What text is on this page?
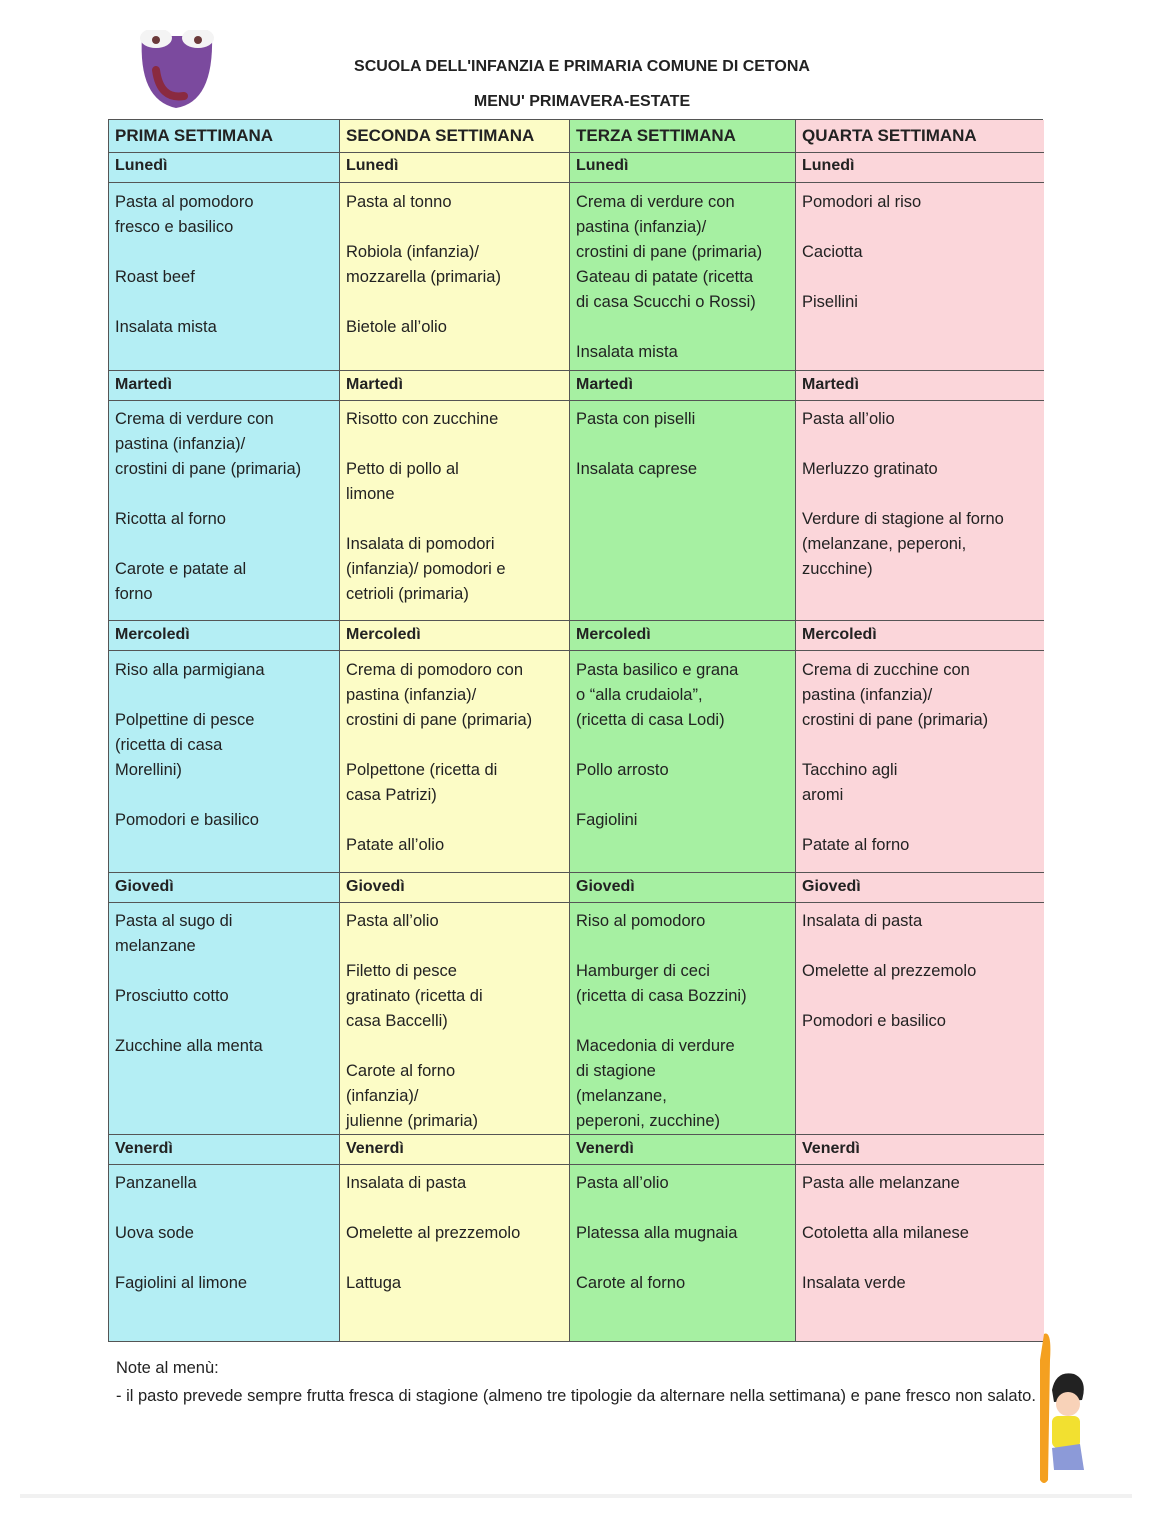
SCUOLA DELL'INFANZIA E PRIMARIA COMUNE DI CETONA
MENU' PRIMAVERA-ESTATE
PRIMA SETTIMANA
Lunedì
Pasta al pomodoro
fresco e basilico
Roast beef
Insalata mista
Martedì
Crema di verdure con
pastina (infanzia)/
crostini di pane (primaria)
Ricotta al forno
Carote e patate al
forno
Mercoledì
Riso alla parmigiana
Polpettine di pesce
(ricetta di casa
Morellini)
Pomodori e basilico
Giovedì
Pasta al sugo di
melanzane
Prosciutto cotto
Zucchine alla menta
Venerdì
Panzanella
Uova sode
Fagiolini al limone
SECONDA SETTIMANA
Lunedì
Pasta al tonno
Robiola (infanzia)/
mozzarella (primaria)
Bietole all’olio
Martedì
Risotto con zucchine
Petto di pollo al
limone
Insalata di pomodori
(infanzia)/ pomodori e
cetrioli (primaria)
Mercoledì
Crema di pomodoro con
pastina (infanzia)/
crostini di pane (primaria)
Polpettone (ricetta di
casa Patrizi)
Patate all’olio
Giovedì
Pasta all’olio
Filetto di pesce
gratinato (ricetta di
casa Baccelli)
Carote al forno
(infanzia)/
julienne (primaria)
Venerdì
Insalata di pasta
Omelette al prezzemolo
Lattuga
TERZA SETTIMANA
Lunedì
Crema di verdure con
pastina (infanzia)/
crostini di pane (primaria)
Gateau di patate (ricetta
di casa Scucchi o Rossi)
Insalata mista
Martedì
Pasta con piselli
Insalata caprese
Mercoledì
Pasta basilico e grana
o “alla crudaiola”,
(ricetta di casa Lodi)
Pollo arrosto
Fagiolini
Giovedì
Riso al pomodoro
Hamburger di ceci
(ricetta di casa Bozzini)
Macedonia di verdure
di stagione
(melanzane,
peperoni, zucchine)
Venerdì
Pasta all’olio
Platessa alla mugnaia
Carote al forno
QUARTA SETTIMANA
Lunedì
Pomodori al riso
Caciotta
Pisellini
Martedì
Pasta all’olio
Merluzzo gratinato
Verdure di stagione al forno
(melanzane, peperoni,
zucchine)
Mercoledì
Crema di zucchine con
pastina (infanzia)/
crostini di pane (primaria)
Tacchino agli
aromi
Patate al forno
Giovedì
Insalata di pasta
Omelette al prezzemolo
Pomodori e basilico
Venerdì
Pasta alle melanzane
Cotoletta alla milanese
Insalata verde
Note al menù:
- il pasto prevede sempre frutta fresca di stagione (almeno tre tipologie da alternare nella settimana) e pane fresco non salato.
